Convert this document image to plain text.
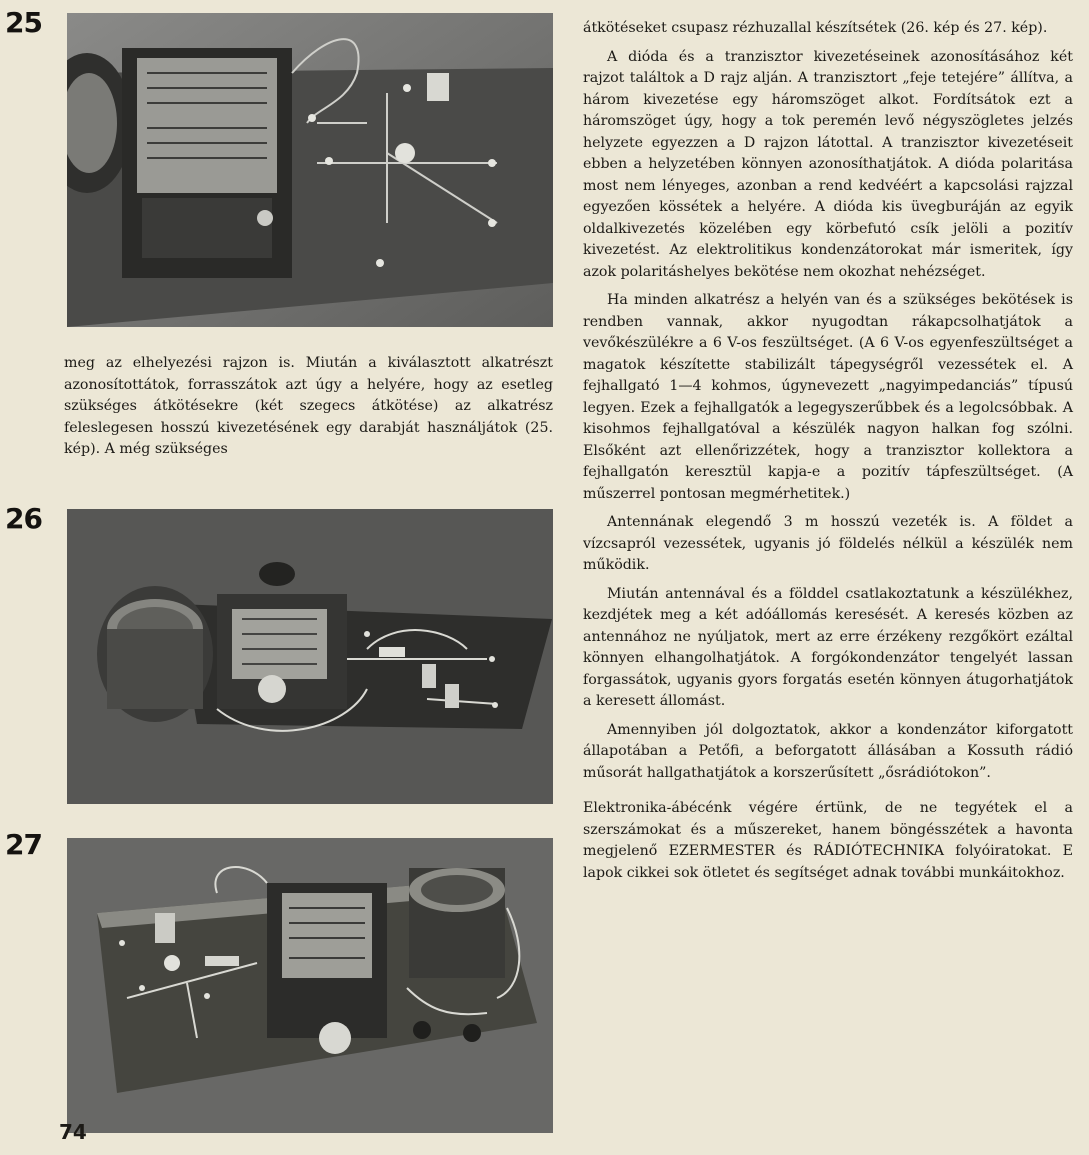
25
26
27

meg az elhelyezési rajzon is. Miután a kiválasztott alkatrészt azonosítottátok, forrasszátok azt úgy a helyére, hogy az esetleg szükséges átkötésekre (két szegecs átkötése) az alkatrész feleslegesen hosszú kivezetésének egy darabját használjátok (25. kép). A még szükséges

átkötéseket csupasz rézhuzallal készítsétek (26. kép és 27. kép).

A dióda és a tranzisztor kivezetéseinek azonosításához két rajzot találtok a D rajz alján. A tranzisztort „feje tetejére” állítva, a három kivezetése egy háromszöget alkot. Fordítsátok ezt a háromszöget úgy, hogy a tok peremén levő négyszögletes jelzés helyzete egyezzen a D rajzon látottal. A tranzisztor kivezetéseit ebben a helyzetében könnyen azonosíthatjátok. A dióda polaritása most nem lényeges, azonban a rend kedvéért a kapcsolási rajzzal egyezően kössétek a helyére. A dióda kis üvegburáján az egyik oldalkivezetés közelében egy körbefutó csík jelöli a pozitív kivezetést. Az elektrolitikus kondenzátorokat már ismeritek, így azok polaritáshelyes bekötése nem okozhat nehézséget.

Ha minden alkatrész a helyén van és a szükséges bekötések is rendben vannak, akkor nyugodtan rákapcsolhatjátok a vevőkészülékre a 6 V-os feszültséget. (A 6 V-os egyenfeszültséget a magatok készítette stabilizált tápegységről vezessétek el. A fejhallgató 1—4 kohmos, úgynevezett „nagyimpedanciás” típusú legyen. Ezek a fejhallgatók a legegyszerűbbek és a legolcsóbbak. A kisohmos fejhallgatóval a készülék nagyon halkan fog szólni. Elsőként azt ellenőrizzétek, hogy a tranzisztor kollektora a fejhallgatón keresztül kapja-e a pozitív tápfeszültséget. (A műszerrel pontosan megmérhetitek.)

Antennának elegendő 3 m hosszú vezeték is. A földet a vízcsapról vezessétek, ugyanis jó földelés nélkül a készülék nem működik.

Miután antennával és a földdel csatlakoztatunk a készülékhez, kezdjétek meg a két adóállomás keresését. A keresés közben az antennához ne nyúljatok, mert az erre érzékeny rezgőkört ezáltal könnyen elhangolhatjátok. A forgókondenzátor tengelyét lassan forgassátok, ugyanis gyors forgatás esetén könnyen átugorhatjátok a keresett állomást.

Amennyiben jól dolgoztatok, akkor a kondenzátor kiforgatott állapotában a Petőfi, a beforgatott állásában a Kossuth rádió műsorát hallgathatjátok a korszerűsített „ősrádiótokon”.

Elektronika-ábécénk végére értünk, de ne tegyétek el a szerszámokat és a műszereket, hanem böngésszétek a havonta megjelenő EZERMESTER és RÁDIÓTECHNIKA folyóiratokat. E lapok cikkei sok ötletet és segítséget adnak további munkáitokhoz.

74
